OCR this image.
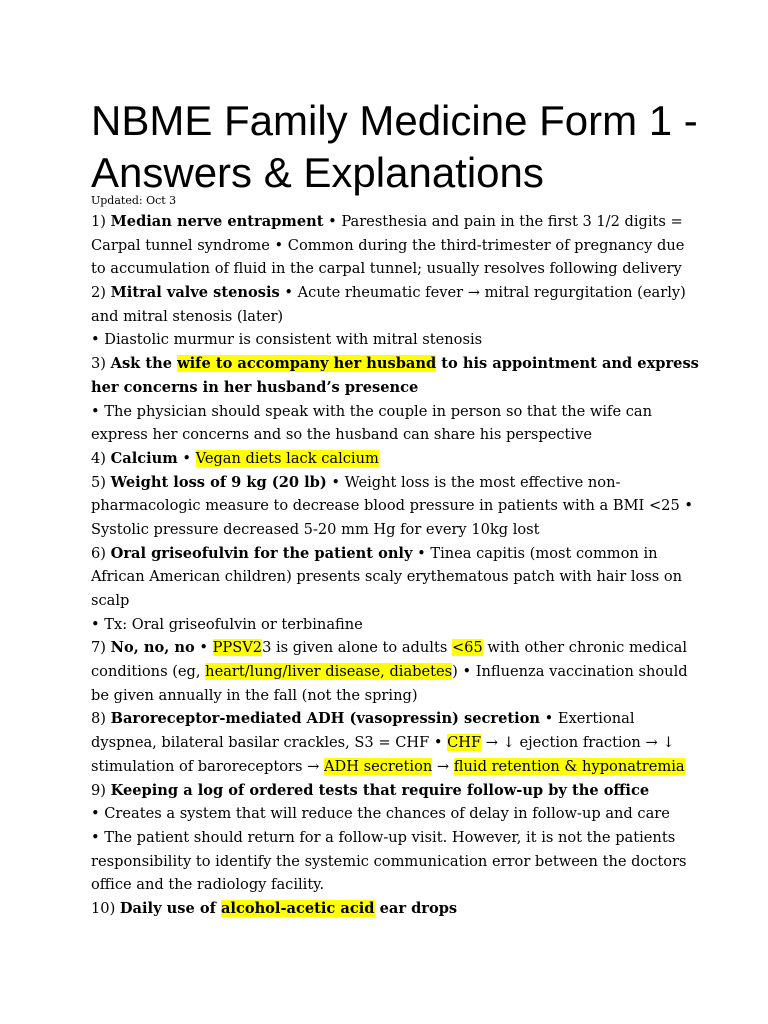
NBME Family Medicine Form 1 - Answers & Explanations
Updated: Oct 3
1) Median nerve entrapment • Paresthesia and pain in the first 3 1/2 digits =
Carpal tunnel syndrome • Common during the third-trimester of pregnancy due
to accumulation of fluid in the carpal tunnel; usually resolves following delivery
2) Mitral valve stenosis • Acute rheumatic fever → mitral regurgitation (early)
and mitral stenosis (later)
• Diastolic murmur is consistent with mitral stenosis
3) Ask the wife to accompany her husband to his appointment and express
her concerns in her husband’s presence
• The physician should speak with the couple in person so that the wife can
express her concerns and so the husband can share his perspective
4) Calcium • Vegan diets lack calcium
5) Weight loss of 9 kg (20 lb) • Weight loss is the most effective non-
pharmacologic measure to decrease blood pressure in patients with a BMI <25 •
Systolic pressure decreased 5-20 mm Hg for every 10kg lost
6) Oral griseofulvin for the patient only • Tinea capitis (most common in
African American children) presents scaly erythematous patch with hair loss on
scalp
• Tx: Oral griseofulvin or terbinafine
7) No, no, no • PPSV23 is given alone to adults <65 with other chronic medical
conditions (eg, heart/lung/liver disease, diabetes) • Influenza vaccination should
be given annually in the fall (not the spring)
8) Baroreceptor-mediated ADH (vasopressin) secretion • Exertional
dyspnea, bilateral basilar crackles, S3 = CHF • CHF → ↓ ejection fraction → ↓
stimulation of baroreceptors → ADH secretion → fluid retention & hyponatremia
9) Keeping a log of ordered tests that require follow-up by the office
• Creates a system that will reduce the chances of delay in follow-up and care
• The patient should return for a follow-up visit. However, it is not the patients
responsibility to identify the systemic communication error between the doctors
office and the radiology facility.
10) Daily use of alcohol-acetic acid ear drops
